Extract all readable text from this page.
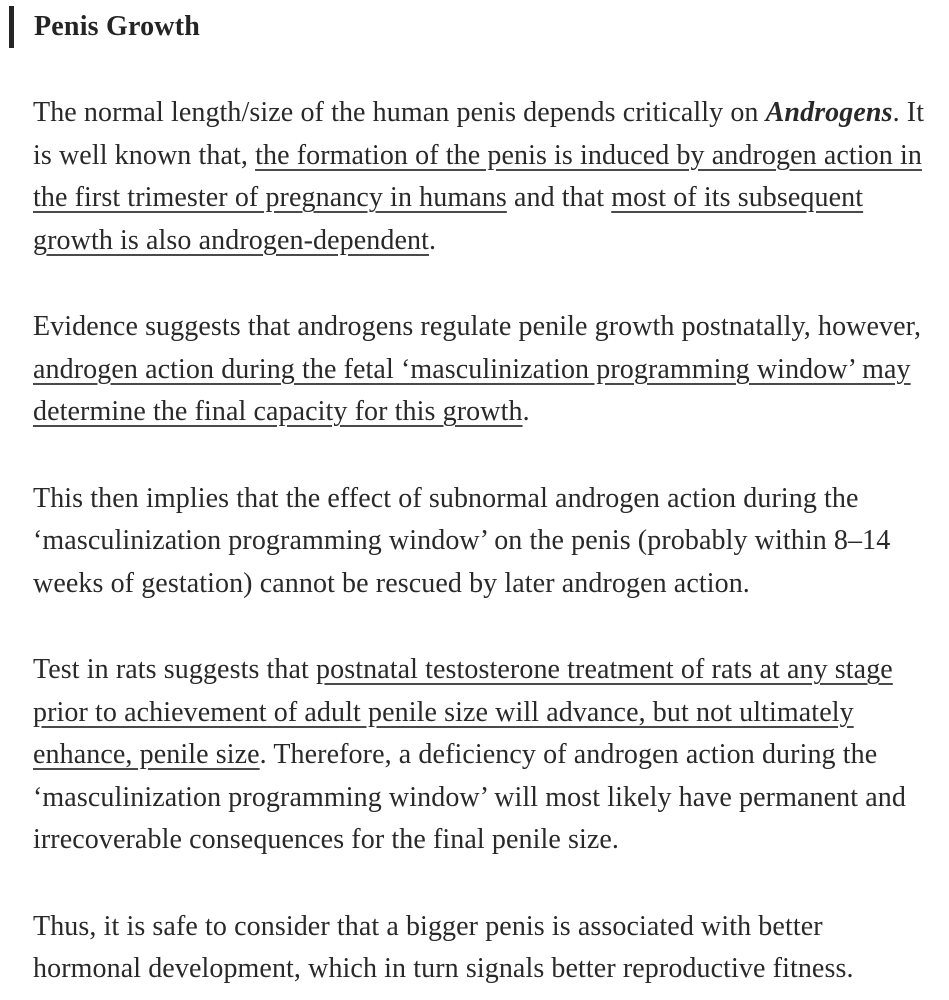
Penis Growth

The normal length/size of the human penis depends critically on Androgens. It is well known that, the formation of the penis is induced by androgen action in the first trimester of pregnancy in humans and that most of its subsequent growth is also androgen-dependent.

Evidence suggests that androgens regulate penile growth postnatally, however, androgen action during the fetal ‘masculinization programming window’ may determine the final capacity for this growth.

This then implies that the effect of subnormal androgen action during the ‘masculinization programming window’ on the penis (probably within 8–14 weeks of gestation) cannot be rescued by later androgen action.

Test in rats suggests that postnatal testosterone treatment of rats at any stage prior to achievement of adult penile size will advance, but not ultimately enhance, penile size. Therefore, a deficiency of androgen action during the ‘masculinization programming window’ will most likely have permanent and irrecoverable consequences for the final penile size.

Thus, it is safe to consider that a bigger penis is associated with better hormonal development, which in turn signals better reproductive fitness.
